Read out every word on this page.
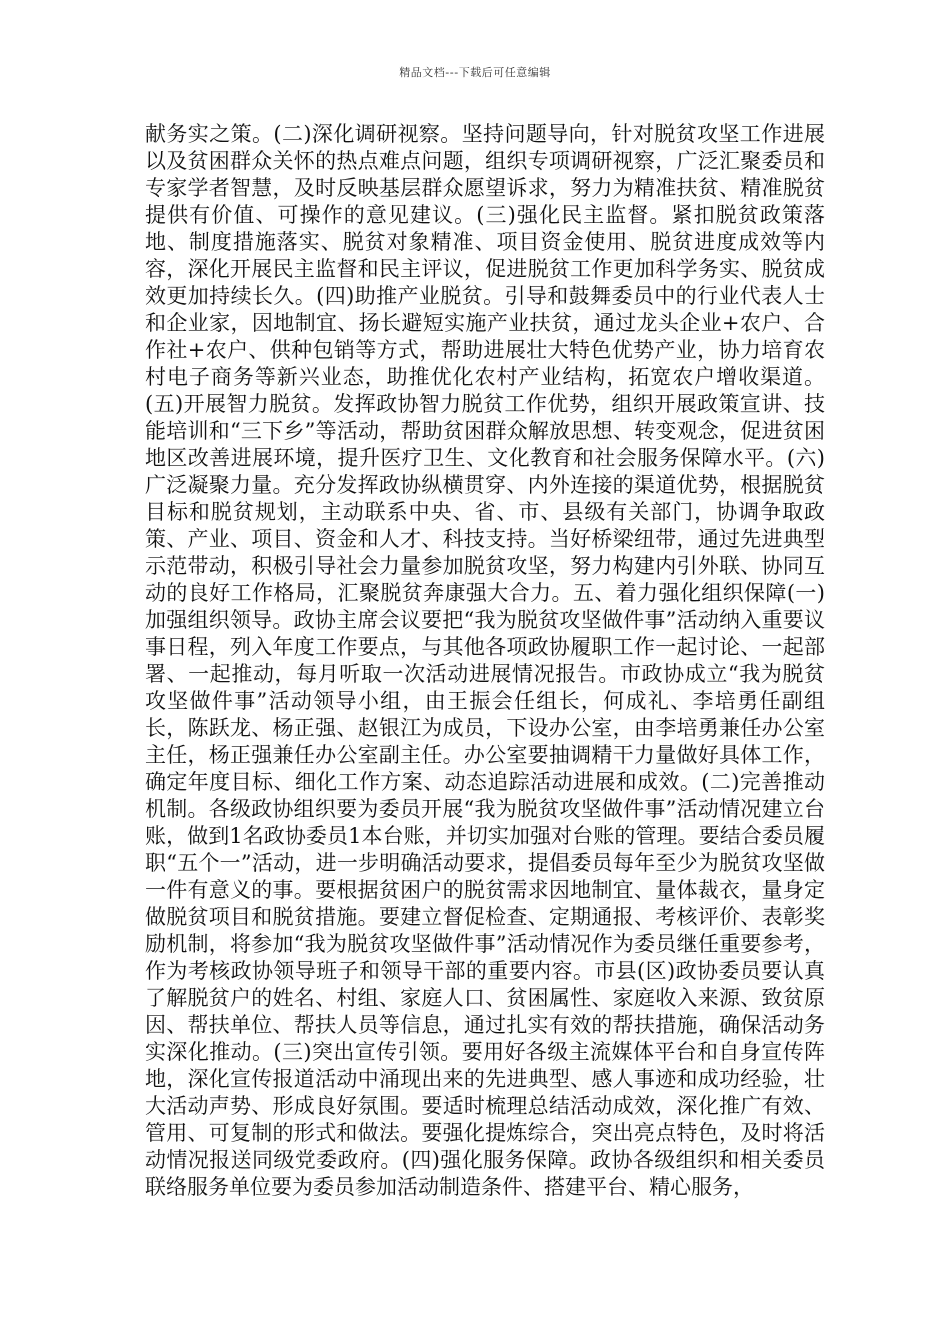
精品文档---下载后可任意编辑

献务实之策。(二)深化调研视察。坚持问题导向，针对脱贫攻坚工作进展以及贫困群众关怀的热点难点问题，组织专项调研视察，广泛汇聚委员和专家学者智慧，及时反映基层群众愿望诉求，努力为精准扶贫、精准脱贫提供有价值、可操作的意见建议。(三)强化民主监督。紧扣脱贫政策落地、制度措施落实、脱贫对象精准、项目资金使用、脱贫进度成效等内容，深化开展民主监督和民主评议，促进脱贫工作更加科学务实、脱贫成效更加持续长久。(四)助推产业脱贫。引导和鼓舞委员中的行业代表人士和企业家，因地制宜、扬长避短实施产业扶贫，通过龙头企业+农户、合作社+农户、供种包销等方式，帮助进展壮大特色优势产业，协力培育农村电子商务等新兴业态，助推优化农村产业结构，拓宽农户增收渠道。(五)开展智力脱贫。发挥政协智力脱贫工作优势，组织开展政策宣讲、技能培训和“三下乡”等活动，帮助贫困群众解放思想、转变观念，促进贫困地区改善进展环境，提升医疗卫生、文化教育和社会服务保障水平。(六)广泛凝聚力量。充分发挥政协纵横贯穿、内外连接的渠道优势，根据脱贫目标和脱贫规划，主动联系中央、省、市、县级有关部门，协调争取政策、产业、项目、资金和人才、科技支持。当好桥梁纽带，通过先进典型示范带动，积极引导社会力量参加脱贫攻坚，努力构建内引外联、协同互动的良好工作格局，汇聚脱贫奔康强大合力。五、着力强化组织保障(一)加强组织领导。政协主席会议要把“我为脱贫攻坚做件事”活动纳入重要议事日程，列入年度工作要点，与其他各项政协履职工作一起讨论、一起部署、一起推动，每月听取一次活动进展情况报告。市政协成立“我为脱贫攻坚做件事”活动领导小组，由王振会任组长，何成礼、李培勇任副组长，陈跃龙、杨正强、赵银江为成员，下设办公室，由李培勇兼任办公室主任，杨正强兼任办公室副主任。办公室要抽调精干力量做好具体工作，确定年度目标、细化工作方案、动态追踪活动进展和成效。(二)完善推动机制。各级政协组织要为委员开展“我为脱贫攻坚做件事”活动情况建立台账，做到1名政协委员1本台账，并切实加强对台账的管理。要结合委员履职“五个一”活动，进一步明确活动要求，提倡委员每年至少为脱贫攻坚做一件有意义的事。要根据贫困户的脱贫需求因地制宜、量体裁衣，量身定做脱贫项目和脱贫措施。要建立督促检查、定期通报、考核评价、表彰奖励机制，将参加“我为脱贫攻坚做件事”活动情况作为委员继任重要参考，作为考核政协领导班子和领导干部的重要内容。市县(区)政协委员要认真了解脱贫户的姓名、村组、家庭人口、贫困属性、家庭收入来源、致贫原因、帮扶单位、帮扶人员等信息，通过扎实有效的帮扶措施，确保活动务实深化推动。(三)突出宣传引领。要用好各级主流媒体平台和自身宣传阵地，深化宣传报道活动中涌现出来的先进典型、感人事迹和成功经验，壮大活动声势、形成良好氛围。要适时梳理总结活动成效，深化推广有效、管用、可复制的形式和做法。要强化提炼综合，突出亮点特色，及时将活动情况报送同级党委政府。(四)强化服务保障。政协各级组织和相关委员联络服务单位要为委员参加活动制造条件、搭建平台、精心服务，
